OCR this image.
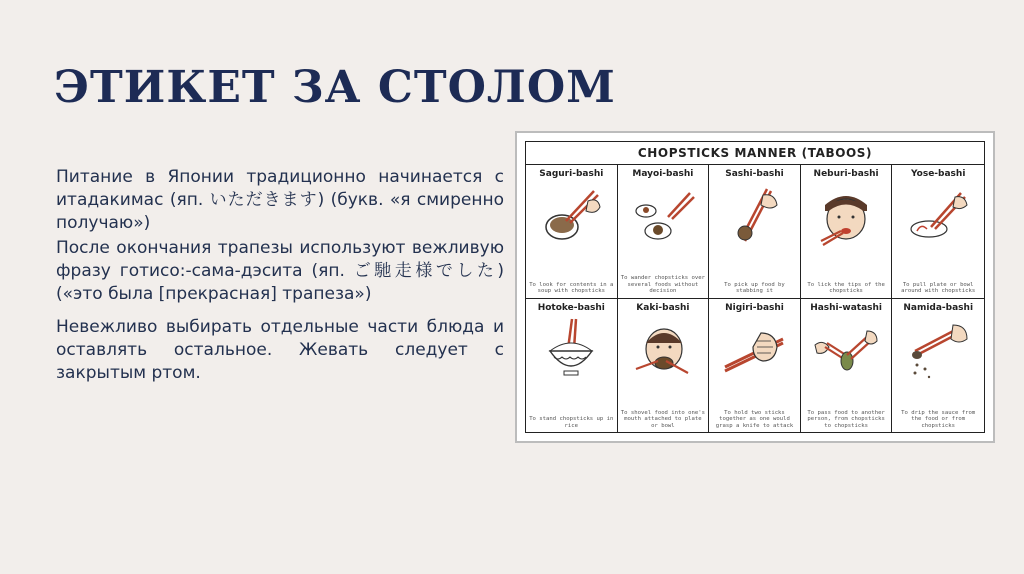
ЭТИКЕТ ЗА СТОЛОМ

Питание в Японии традиционно начинается с итадакимас (яп. いただきます) (букв. «я смиренно получаю»)

После окончания трапезы используют вежливую фразу готисо:-сама-дэсита (яп. ご馳走様でした) («это была [прекрасная] трапеза»)

Невежливо выбирать отдельные части блюда и оставлять остальное. Жевать следует с закрытым ртом.

CHOPSTICKS MANNER (TABOOS)
Saguri-bashi
To look for contents in a soup with chopsticks
Mayoi-bashi
To wander chopsticks over several foods without decision
Sashi-bashi
To pick up food by stabbing it
Neburi-bashi
To lick the tips of the chopsticks
Yose-bashi
To pull plate or bowl around with chopsticks
Hotoke-bashi
To stand chopsticks up in rice
Kaki-bashi
To shovel food into one's mouth attached to plate or bowl
Nigiri-bashi
To hold two sticks together as one would grasp a knife to attack
Hashi-watashi
To pass food to another person, from chopsticks to chopsticks
Namida-bashi
To drip the sauce from the food or from chopsticks
